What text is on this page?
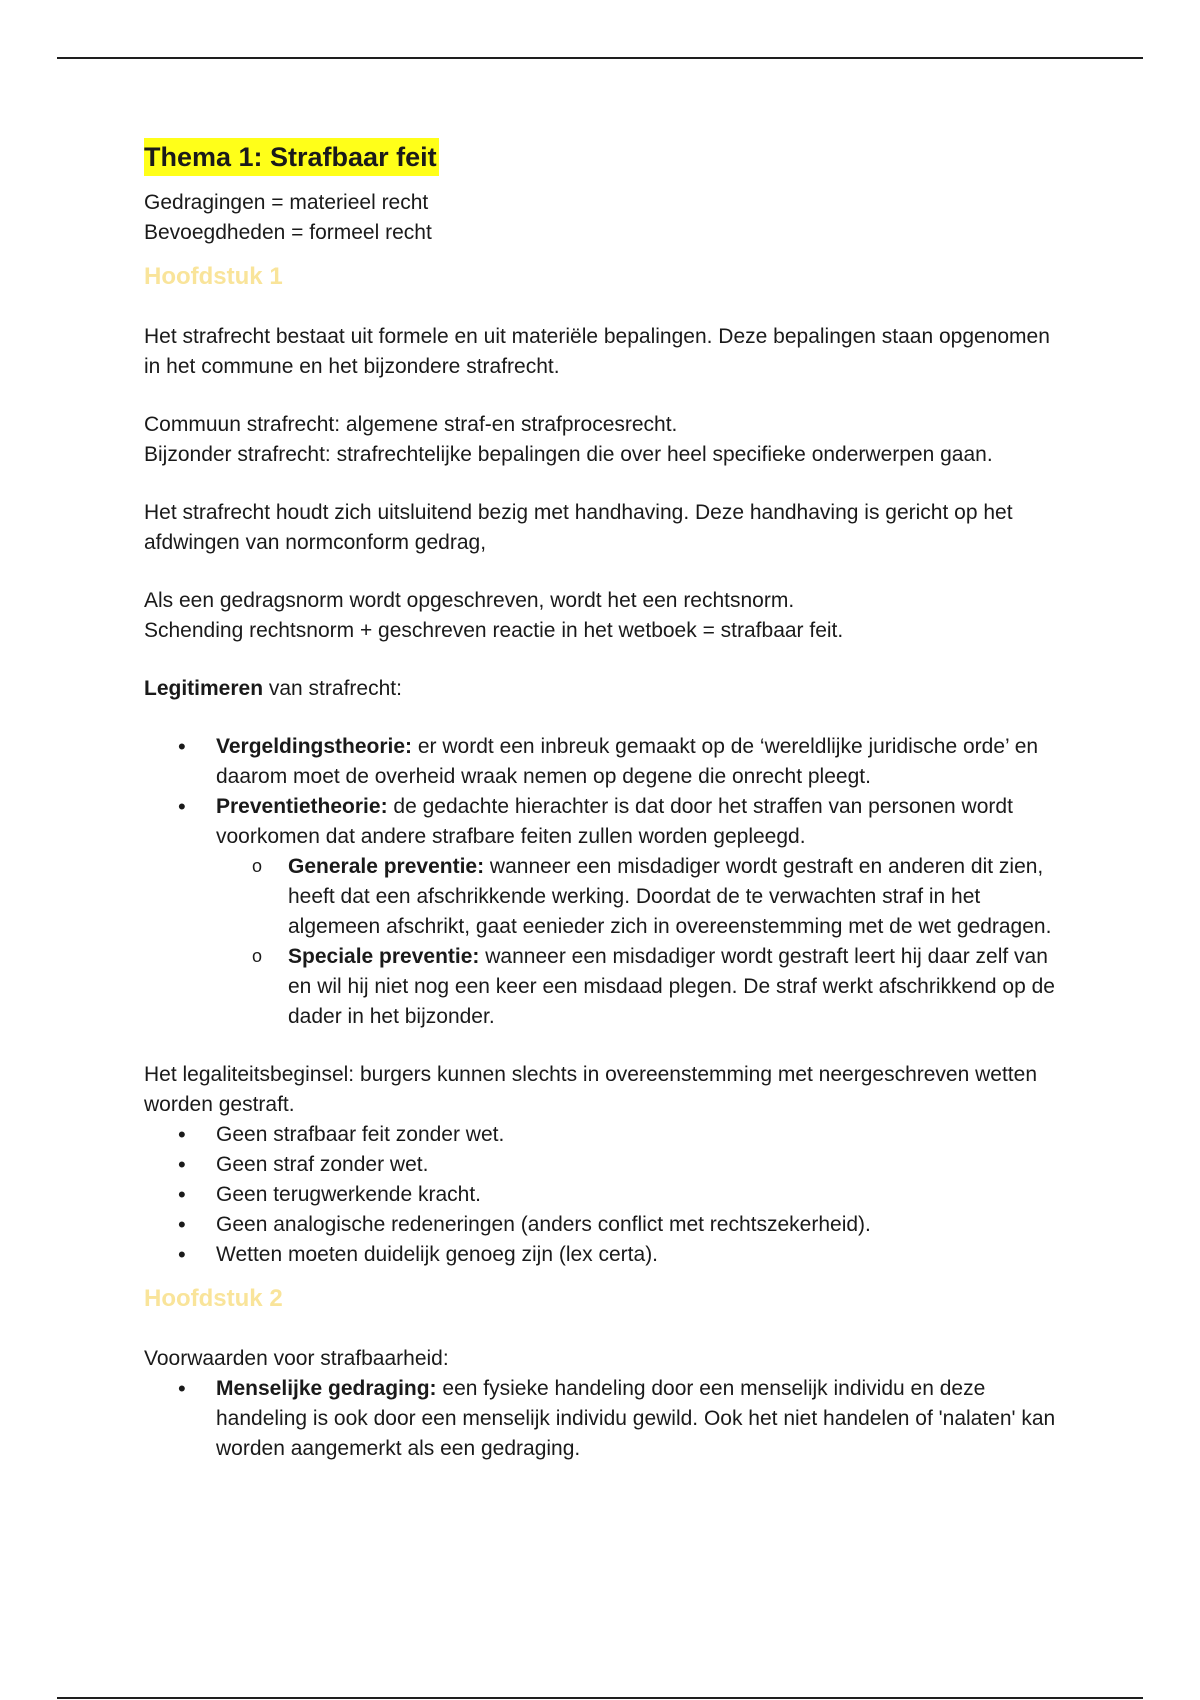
Thema 1: Strafbaar feit

Gedragingen = materieel recht

Bevoegdheden = formeel recht

Hoofdstuk 1

Het strafrecht bestaat uit formele en uit materiële bepalingen. Deze bepalingen staan opgenomen in het commune en het bijzondere strafrecht.

Commuun strafrecht: algemene straf-en strafprocesrecht.

Bijzonder strafrecht: strafrechtelijke bepalingen die over heel specifieke onderwerpen gaan.

Het strafrecht houdt zich uitsluitend bezig met handhaving. Deze handhaving is gericht op het afdwingen van normconform gedrag,

Als een gedragsnorm wordt opgeschreven, wordt het een rechtsnorm.

Schending rechtsnorm + geschreven reactie in het wetboek = strafbaar feit.

Legitimeren van strafrecht:

• Vergeldingstheorie: er wordt een inbreuk gemaakt op de ‘wereldlijke juridische orde’ en daarom moet de overheid wraak nemen op degene die onrecht pleegt.
• Preventietheorie: de gedachte hierachter is dat door het straffen van personen wordt voorkomen dat andere strafbare feiten zullen worden gepleegd.
o Generale preventie: wanneer een misdadiger wordt gestraft en anderen dit zien, heeft dat een afschrikkende werking. Doordat de te verwachten straf in het algemeen afschrikt, gaat eenieder zich in overeenstemming met de wet gedragen.
o Speciale preventie: wanneer een misdadiger wordt gestraft leert hij daar zelf van en wil hij niet nog een keer een misdaad plegen. De straf werkt afschrikkend op de dader in het bijzonder.

Het legaliteitsbeginsel: burgers kunnen slechts in overeenstemming met neergeschreven wetten worden gestraft.

• Geen strafbaar feit zonder wet.
• Geen straf zonder wet.
• Geen terugwerkende kracht.
• Geen analogische redeneringen (anders conflict met rechtszekerheid).
• Wetten moeten duidelijk genoeg zijn (lex certa).
Hoofdstuk 2

Voorwaarden voor strafbaarheid:

• Menselijke gedraging: een fysieke handeling door een menselijk individu en deze handeling is ook door een menselijk individu gewild. Ook het niet handelen of 'nalaten' kan worden aangemerkt als een gedraging.
